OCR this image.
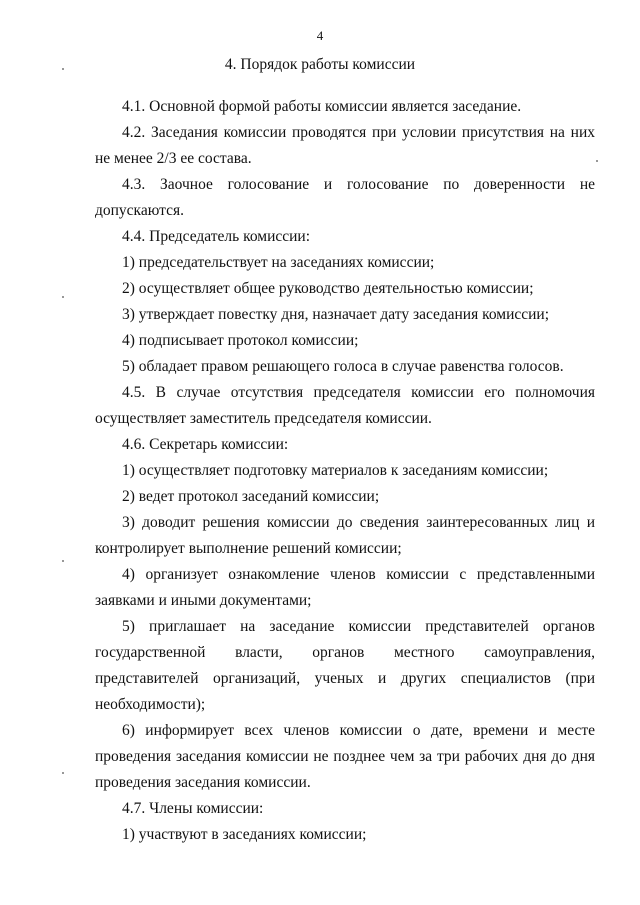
4
4. Порядок работы комиссии

4.1. Основной формой работы комиссии является заседание.

4.2. Заседания комиссии проводятся при условии присутствия на них не менее 2/3 ее состава.

4.3. Заочное голосование и голосование по доверенности не допускаются.

4.4. Председатель комиссии:

1) председательствует на заседаниях комиссии;

2) осуществляет общее руководство деятельностью комиссии;

3) утверждает повестку дня, назначает дату заседания комиссии;

4) подписывает протокол комиссии;

5) обладает правом решающего голоса в случае равенства голосов.

4.5. В случае отсутствия председателя комиссии его полномочия осуществляет заместитель председателя комиссии.

4.6. Секретарь комиссии:

1) осуществляет подготовку материалов к заседаниям комиссии;

2) ведет протокол заседаний комиссии;

3) доводит решения комиссии до сведения заинтересованных лиц и контролирует выполнение решений комиссии;

4) организует ознакомление членов комиссии с представленными заявками и иными документами;

5) приглашает на заседание комиссии представителей органов государственной власти, органов местного самоуправления, представителей организаций, ученых и других специалистов (при необходимости);

6) информирует всех членов комиссии о дате, времени и месте проведения заседания комиссии не позднее чем за три рабочих дня до дня проведения заседания комиссии.

4.7. Члены комиссии:

1) участвуют в заседаниях комиссии;
